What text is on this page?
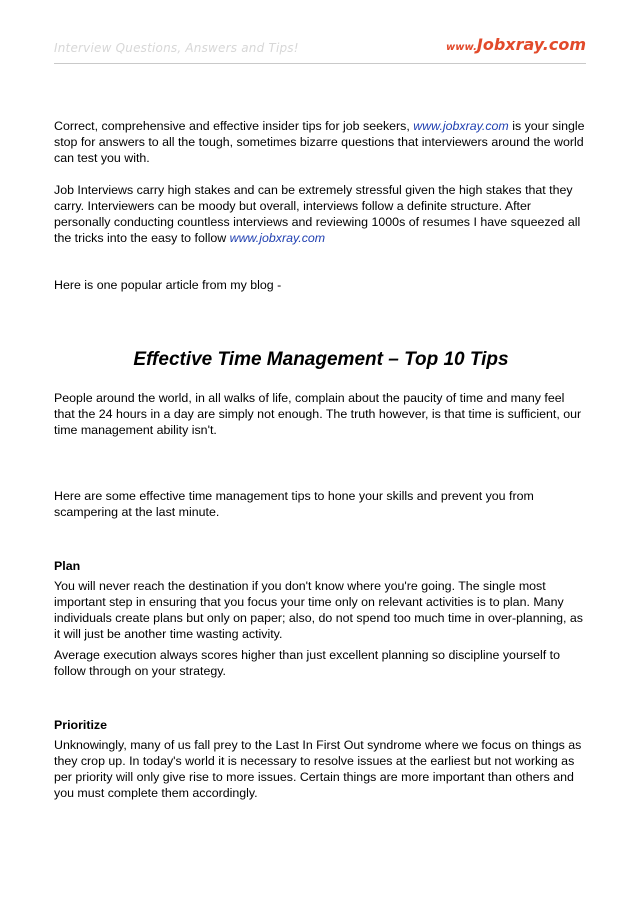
Interview Questions, Answers and Tips!	www.Jobxray.com

Correct, comprehensive and effective insider tips for job seekers, www.jobxray.com is your single stop for answers to all the tough, sometimes bizarre questions that interviewers around the world can test you with.

Job Interviews carry high stakes and can be extremely stressful given the high stakes that they carry. Interviewers can be moody but overall, interviews follow a definite structure. After personally conducting countless interviews and reviewing 1000s of resumes I have squeezed all the tricks into the easy to follow www.jobxray.com

Here is one popular article from my blog -

Effective Time Management – Top 10 Tips

People around the world, in all walks of life, complain about the paucity of time and many feel that the 24 hours in a day are simply not enough. The truth however, is that time is sufficient, our time management ability isn't.

Here are some effective time management tips to hone your skills and prevent you from scampering at the last minute.

Plan

You will never reach the destination if you don't know where you're going. The single most important step in ensuring that you focus your time only on relevant activities is to plan. Many individuals create plans but only on paper; also, do not spend too much time in over-planning, as it will just be another time wasting activity.

Average execution always scores higher than just excellent planning so discipline yourself to follow through on your strategy.

Prioritize

Unknowingly, many of us fall prey to the Last In First Out syndrome where we focus on things as they crop up. In today's world it is necessary to resolve issues at the earliest but not working as per priority will only give rise to more issues. Certain things are more important than others and you must complete them accordingly.
